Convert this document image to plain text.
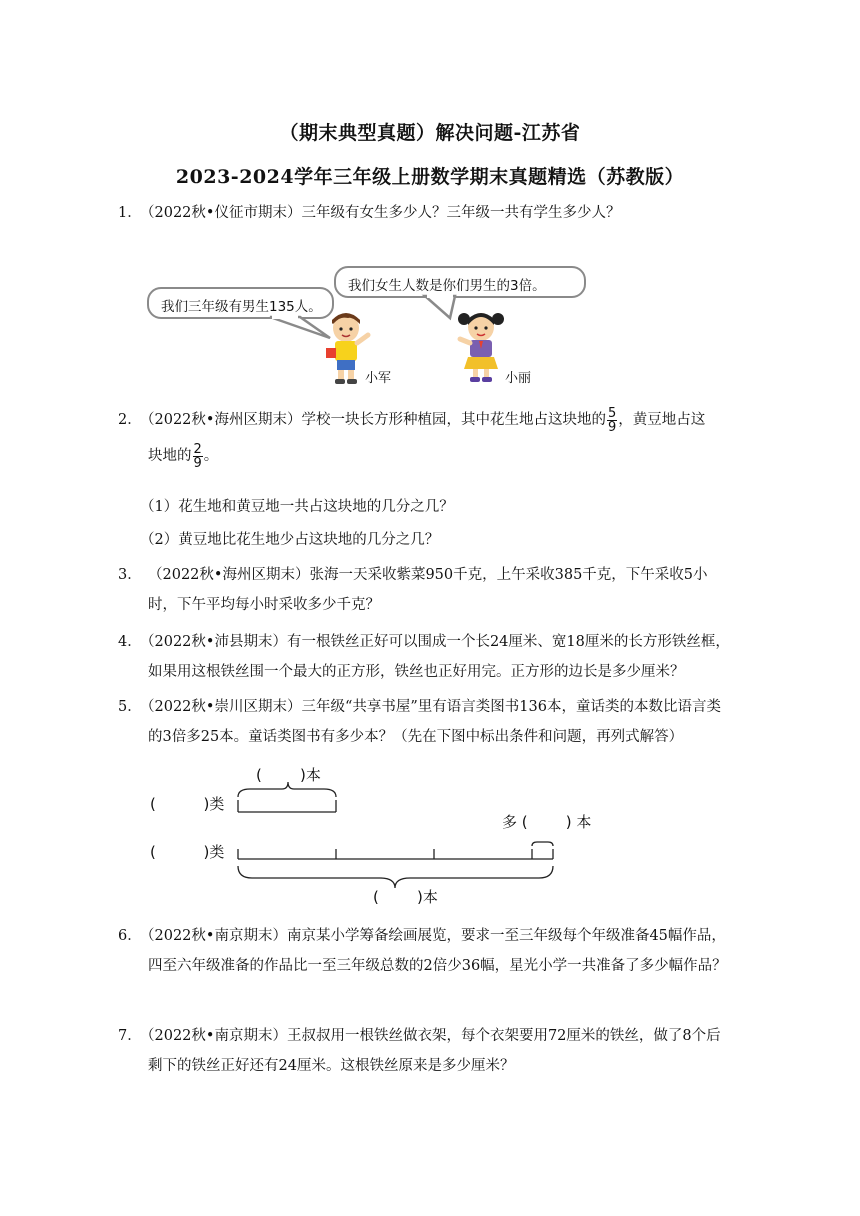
（期末典型真题）解决问题-江苏省
2023-2024学年三年级上册数学期末真题精选（苏教版）
1．
（2022秋•仪征市期末）三年级有女生多少人？三年级一共有学生多少人？
我们女生人数是你们男生的3倍。
我们三年级有男生135人。
小军	小丽
2．
（2022秋•海州区期末）学校一块长方形种植园，其中花生地占这块地的 $\frac{5}{9}$ ，黄豆地占这
块地的 $\frac{2}{9}$ 。
（1）花生地和黄豆地一共占这块地的几分之几？
（2）黄豆地比花生地少占这块地的几分之几？
3． （2022秋•海州区期末）张海一天采收紫菜950千克，上午采收385千克，下午采收5小时，下午平均每小时采收多少千克？
4．
（2022秋•沛县期末）有一根铁丝正好可以围成一个长24厘米、宽18厘米的长方形铁丝框，如果用这根铁丝围一个最大的正方形，铁丝也正好用完。正方形的边长是多少厘米？
5．
（2022秋•崇川区期末）三年级“共享书屋”里有语言类图书136本，童话类的本数比语言类的3倍多25本。童话类图书有多少本？（先在下图中标出条件和问题，再列式解答）
(        )本
(          )类
(          )类
多 (        ) 本
(        )本
6．
（2022秋•南京期末）南京某小学筹备绘画展览，要求一至三年级每个年级准备45幅作品，四至六年级准备的作品比一至三年级总数的2倍少36幅，星光小学一共准备了多少幅作品？
7．
（2022秋•南京期末）王叔叔用一根铁丝做衣架，每个衣架要用72厘米的铁丝，做了8个后剩下的铁丝正好还有24厘米。这根铁丝原来是多少厘米？
